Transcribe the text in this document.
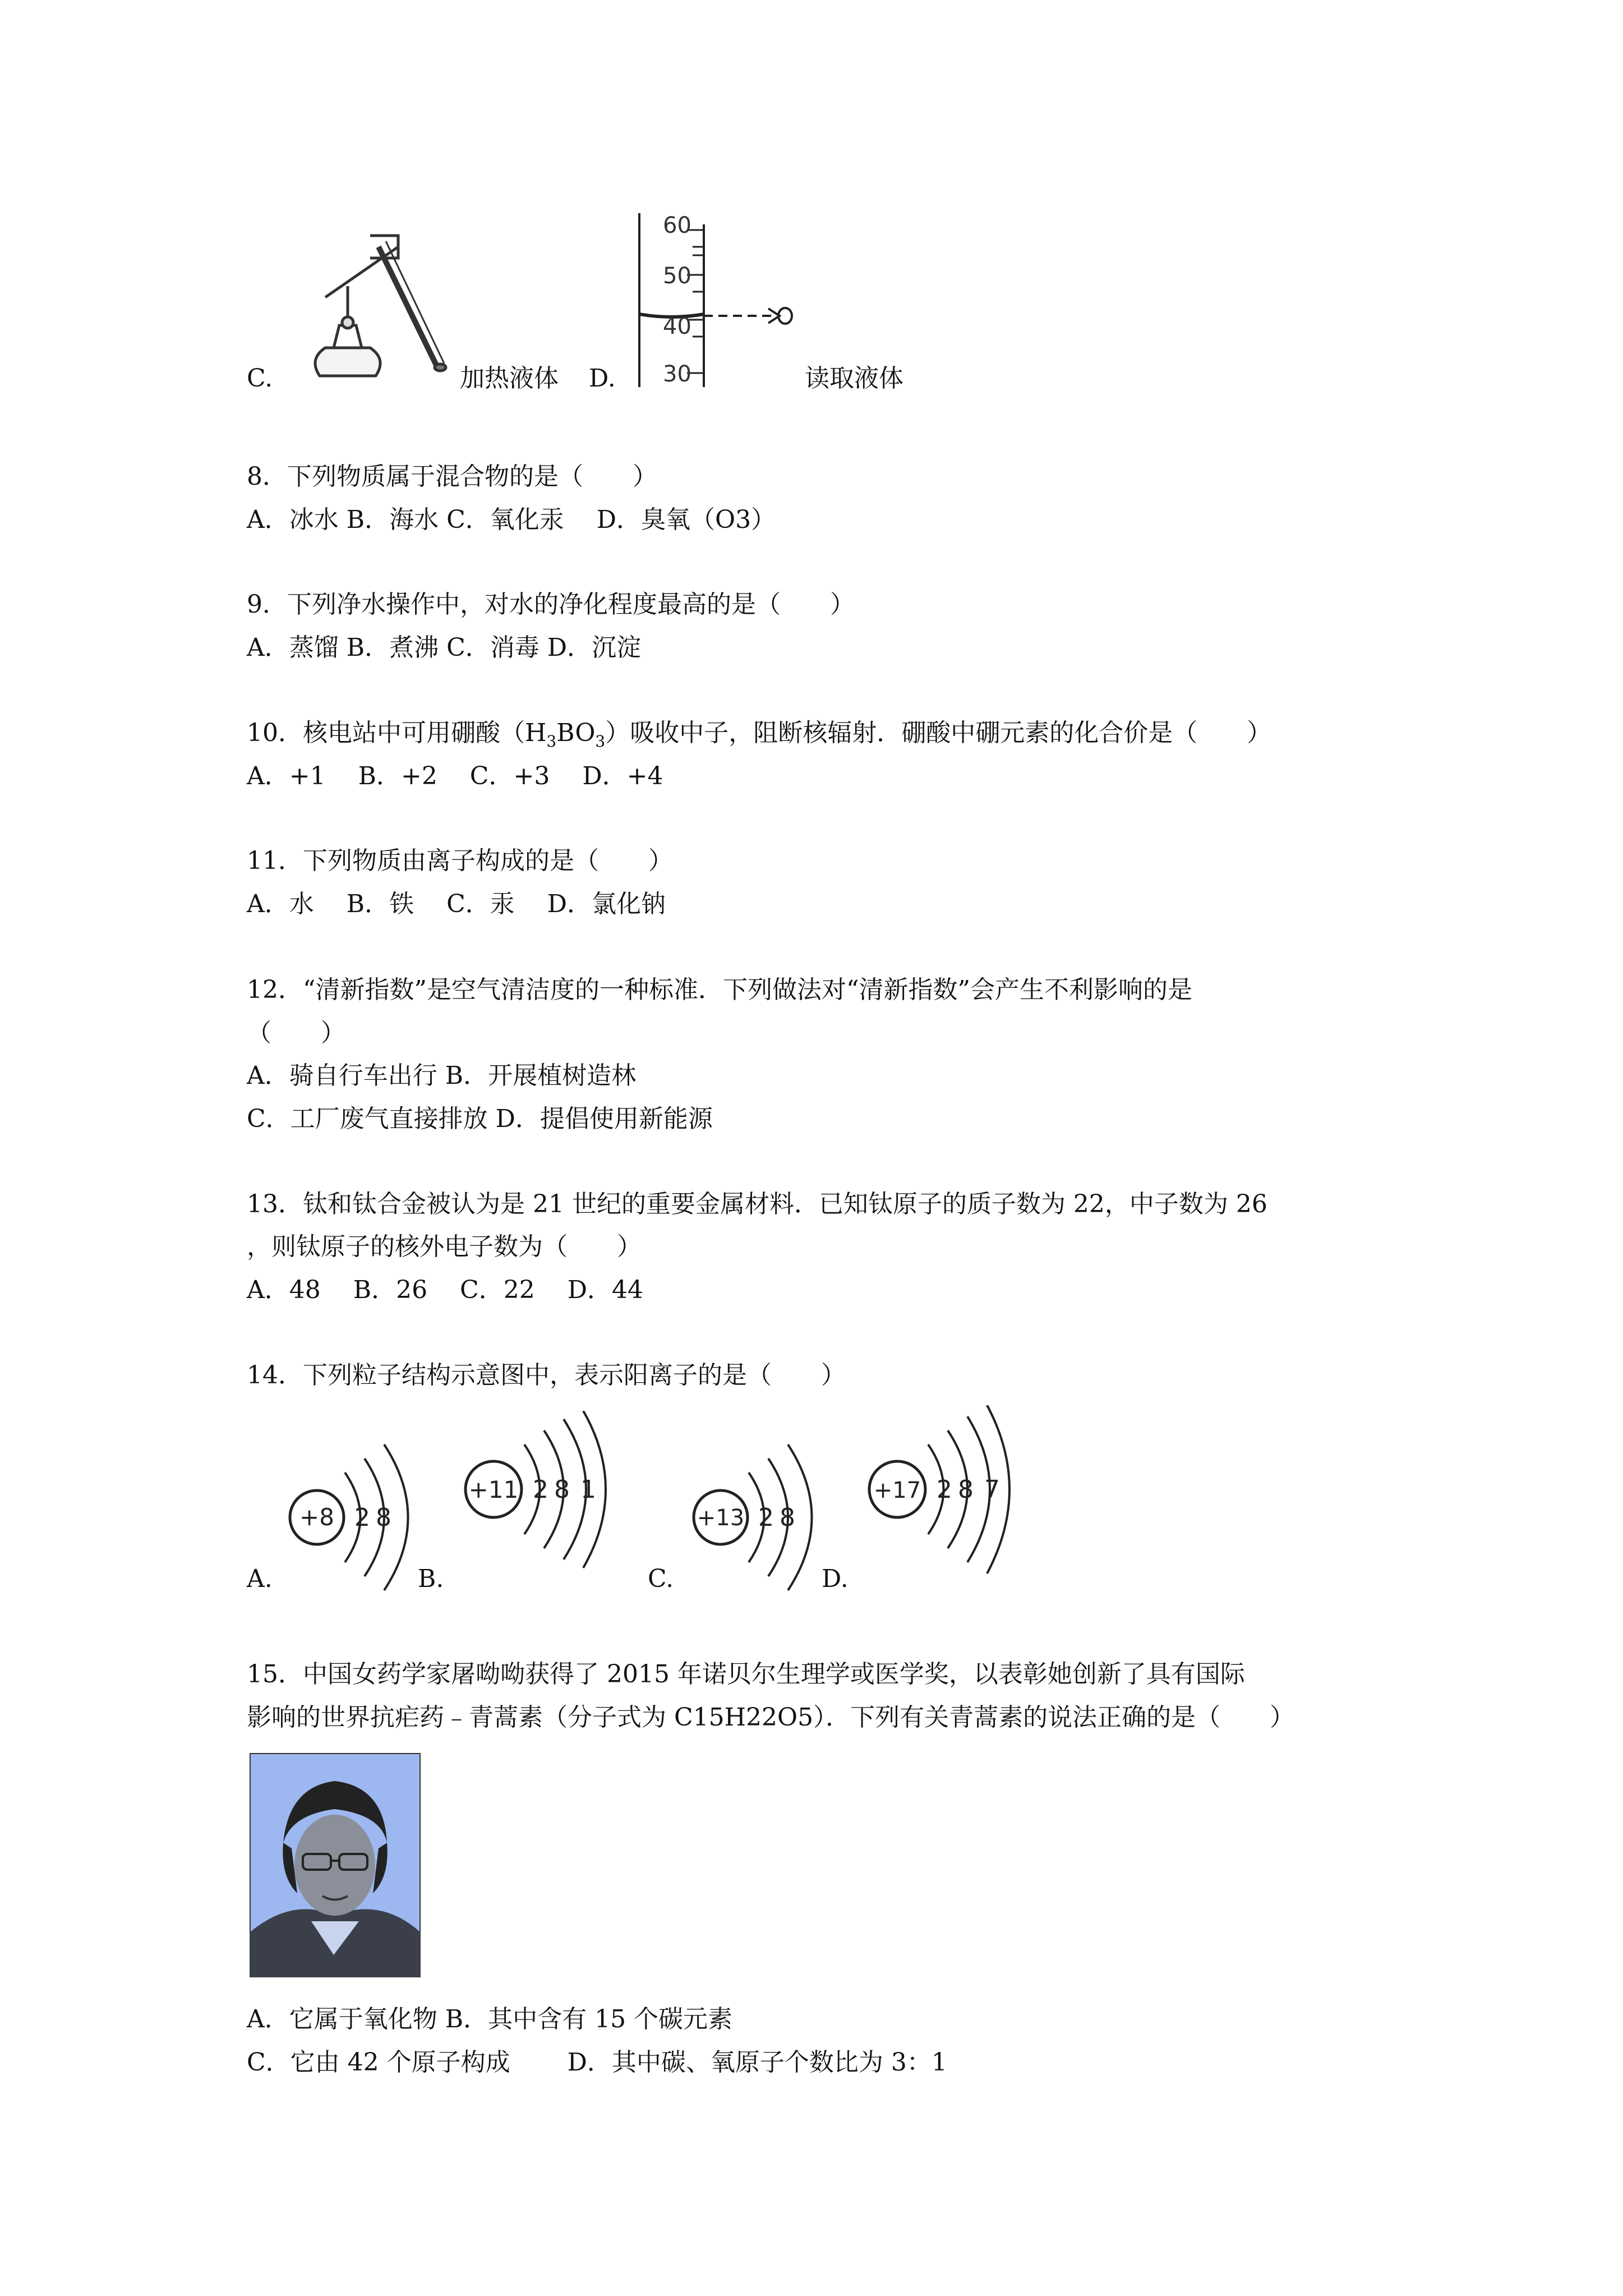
C.	加热液体 D.
60
50
40
30	读取液体
8．下列物质属于混合物的是（　　）
A．冰水 B．海水 C．氧化汞　 D．臭氧（O3）
9．下列净水操作中，对水的净化程度最高的是（　　）
A．蒸馏 B．煮沸 C．消毒 D．沉淀
10．核电站中可用硼酸$(H_3BO_3)$吸收中子，阻断核辐射．硼酸中硼元素的化合价是（　　）
A．+1　 B．+2　 C．+3　 D．+4
11．下列物质由离子构成的是（　　）
A．水　 B．铁　 C．汞　 D．氯化钠
12．“清新指数”是空气清洁度的一种标准．下列做法对“清新指数”会产生不利影响的是
（　　）
A．骑自行车出行 B．开展植树造林
C．工厂废气直接排放 D．提倡使用新能源
13．钛和钛合金被认为是 21 世纪的重要金属材料．已知钛原子的质子数为 22，中子数为 26
，则钛原子的核外电子数为（　　）
A．48　 B．26　 C．22　 D．44
14．下列粒子结构示意图中，表示阳离子的是（　　）
+8 2 8
+11 2 8 1
+13 2 8
+17 2 8 7
A.	B.	C.	D.
15．中国女药学家屠呦呦获得了 2015 年诺贝尔生理学或医学奖，以表彰她创新了具有国际
影响的世界抗疟药﹣青蒿素（分子式为 C15H22O5）．下列有关青蒿素的说法正确的是（　　）
A．它属于氧化物 B．其中含有 15 个碳元素
C．它由 42 个原子构成　　 D．其中碳、氧原子个数比为 3：1
